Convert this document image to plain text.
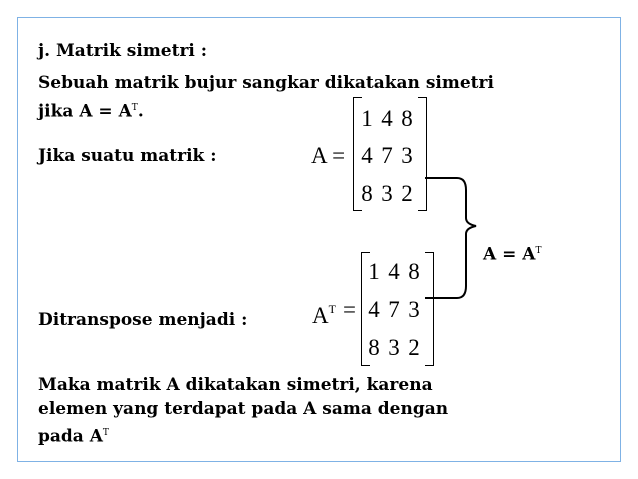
j. Matrik simetri :
Sebuah matrik bujur sangkar dikatakan simetri
jika $A = A^T$.
Jika suatu matrik :	A =
1 4 8
4 7 3
8 3 2
$A = A^T$
$A^T$ =
1 4 8
4 7 3
8 3 2
Ditranspose menjadi :
Maka matrik A dikatakan simetri, karena
elemen yang terdapat pada A sama dengan
pada $A^T$
